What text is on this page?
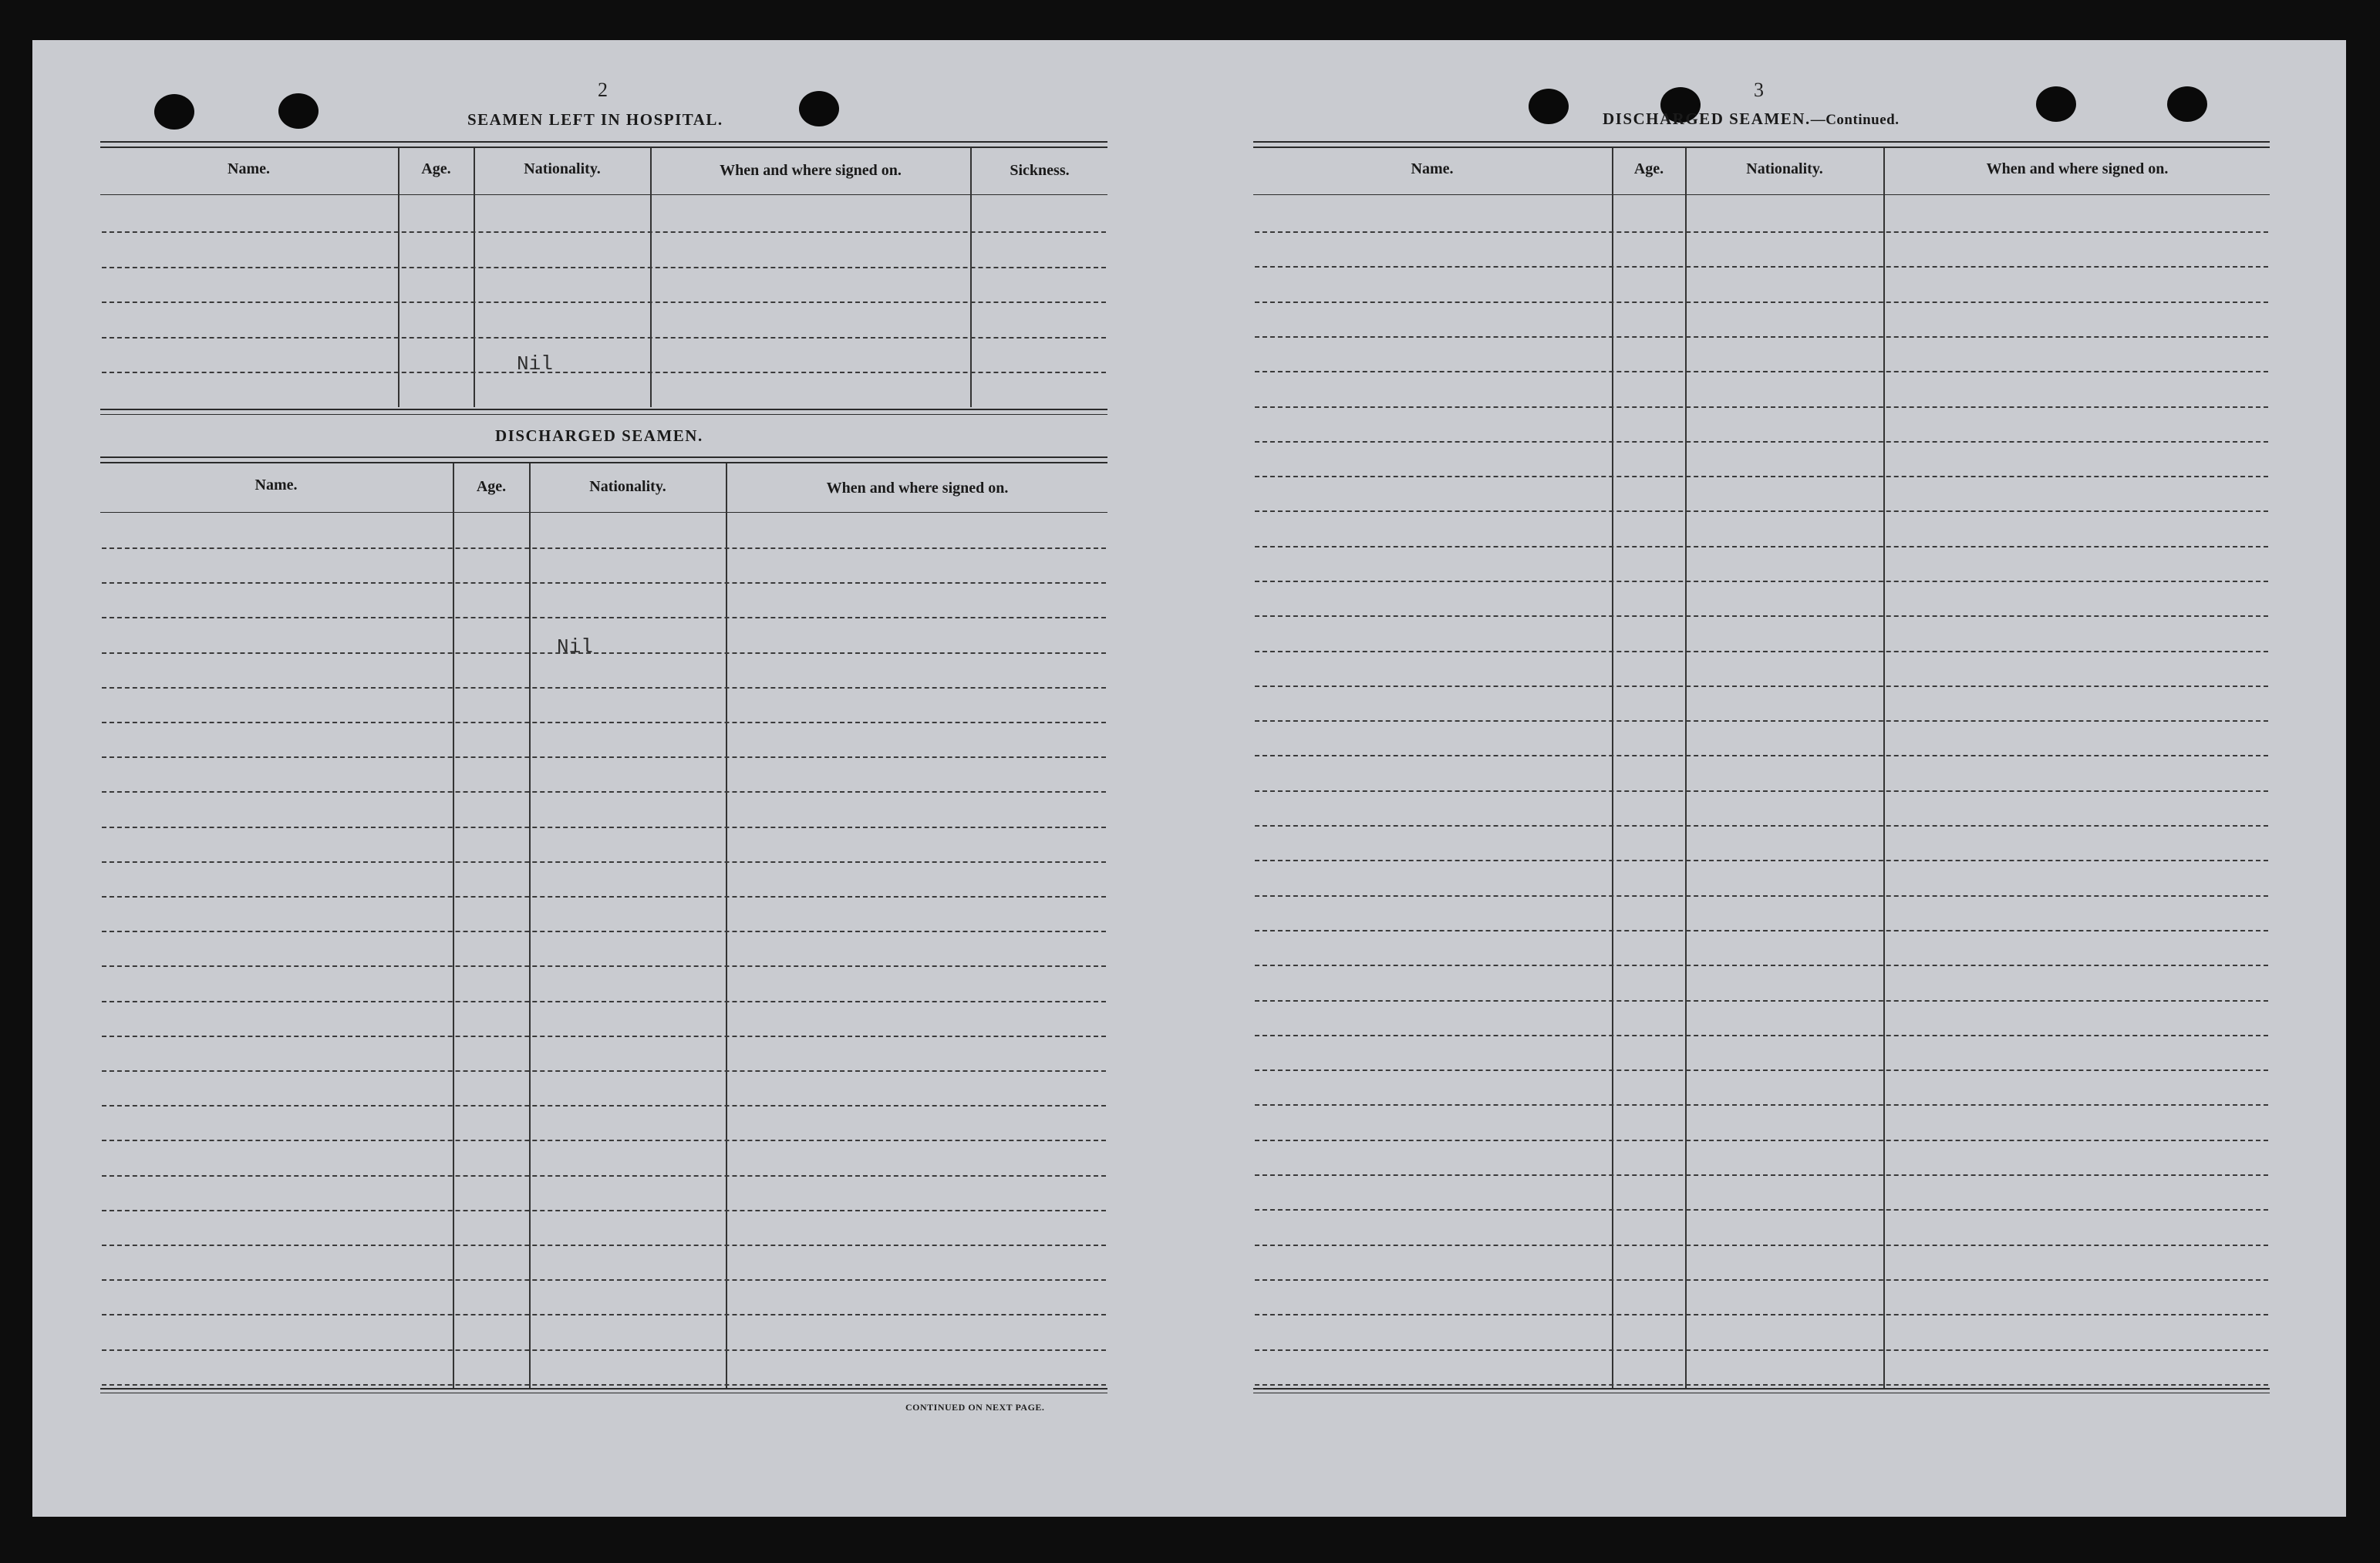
2
SEAMEN LEFT IN HOSPITAL.
Name.	Age.	Nationality.	When and where signed on.	Sickness.
Nil
DISCHARGED SEAMEN.
Name.	Age.	Nationality.	When and where signed on.
Nil
CONTINUED ON NEXT PAGE.
3
DISCHARGED SEAMEN.—Continued.
Name.	Age.	Nationality.	When and where signed on.
